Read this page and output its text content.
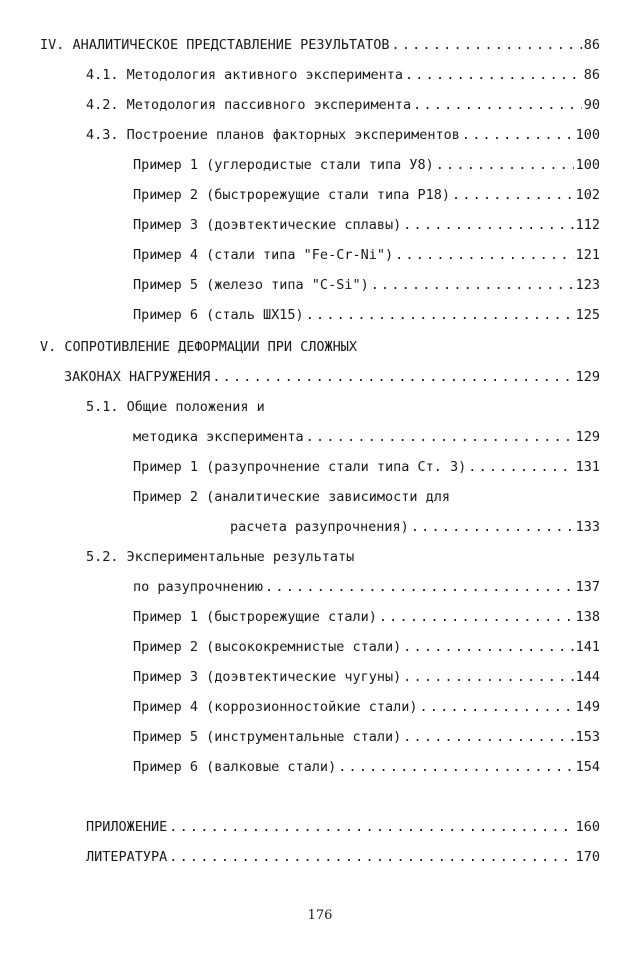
IV. АНАЛИТИЧЕСКОЕ ПРЕДСТАВЛЕНИЕ РЕЗУЛЬТАТОВ .....	86
4.1. Методология активного эксперимента .....	86
4.2. Методология пассивного эксперимента .....	90
4.3. Построение планов факторных экспериментов .....	100
Пример 1 (углеродистые стали типа У8) .....	100
Пример 2 (быстрорежущие стали типа Р18) .....	102
Пример 3 (доэвтектические сплавы) .....	112
Пример 4 (стали типа "Fe-Cr-Ni") .....	121
Пример 5 (железо типа "C-Si") .....	123
Пример 6 (сталь ШХ15) .....	125
V. СОПРОТИВЛЕНИЕ ДЕФОРМАЦИИ ПРИ СЛОЖНЫХ
ЗАКОНАХ НАГРУЖЕНИЯ .....	129
5.1. Общие положения и
методика эксперимента .....	129
Пример 1 (разупрочнение стали типа Ст. 3) .....	131
Пример 2 (аналитические зависимости для
расчета разупрочнения) .....	133
5.2. Экспериментальные результаты
по разупрочнению .....	137
Пример 1 (быстрорежущие стали) .....	138
Пример 2 (высококремнистые стали) .....	141
Пример 3 (доэвтектические чугуны) .....	144
Пример 4 (коррозионностойкие стали) .....	149
Пример 5 (инструментальные стали) .....	153
Пример 6 (валковые стали) .....	154
ПРИЛОЖЕНИЕ .....	160
ЛИТЕРАТУРА .....	170
176
